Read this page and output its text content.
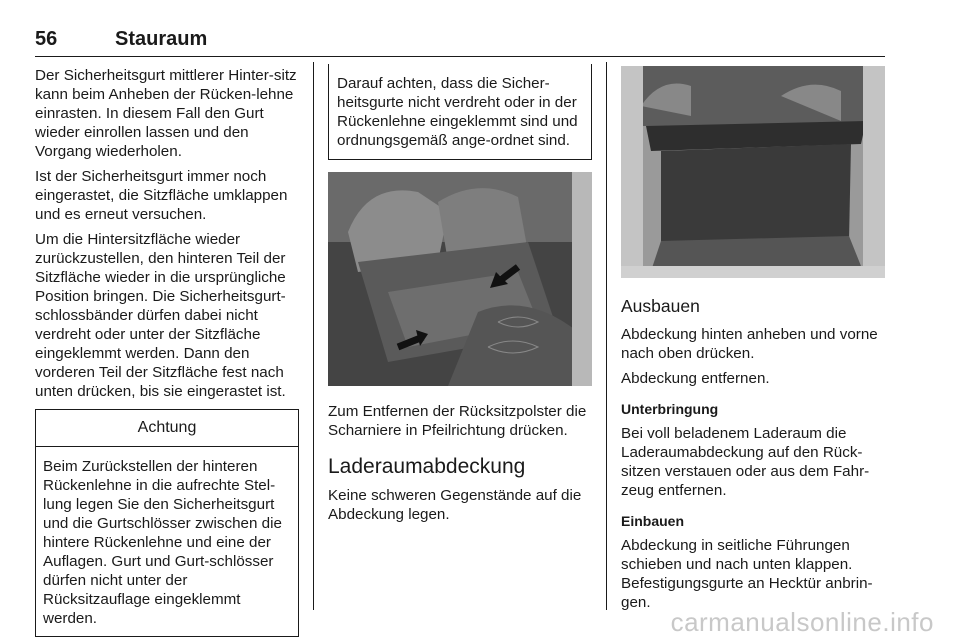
56	Stauraum

Der Sicherheitsgurt mittlerer Hinter-sitz kann beim Anheben der Rücken-lehne einrasten. In diesem Fall den Gurt wieder einrollen lassen und den Vorgang wiederholen.

Ist der Sicherheitsgurt immer noch eingerastet, die Sitzfläche umklappen und es erneut versuchen.

Um die Hintersitzfläche wieder zurückzustellen, den hinteren Teil der Sitzfläche wieder in die ursprüngliche Position bringen. Die Sicherheitsgurt-schlossbänder dürfen dabei nicht verdreht oder unter der Sitzfläche eingeklemmt werden. Dann den vorderen Teil der Sitzfläche fest nach unten drücken, bis sie eingerastet ist.

Achtung
Beim Zurückstellen der hinteren Rückenlehne in die aufrechte Stel-lung legen Sie den Sicherheitsgurt und die Gurtschlösser zwischen die hintere Rückenlehne und eine der Auflagen. Gurt und Gurt-schlösser dürfen nicht unter der Rücksitzauflage eingeklemmt werden.
Darauf achten, dass die Sicher-heitsgurte nicht verdreht oder in der Rückenlehne eingeklemmt sind und ordnungsgemäß ange-ordnet sind.

Zum Entfernen der Rücksitzpolster die Scharniere in Pfeilrichtung drücken.

Laderaumabdeckung

Keine schweren Gegenstände auf die Abdeckung legen.

Ausbauen

Abdeckung hinten anheben und vorne nach oben drücken.

Abdeckung entfernen.

Unterbringung

Bei voll beladenem Laderaum die Laderaumabdeckung auf den Rück-sitzen verstauen oder aus dem Fahr-zeug entfernen.

Einbauen

Abdeckung in seitliche Führungen schieben und nach unten klappen. Befestigungsgurte an Hecktür anbrin-gen.

carmanualsonline.info
